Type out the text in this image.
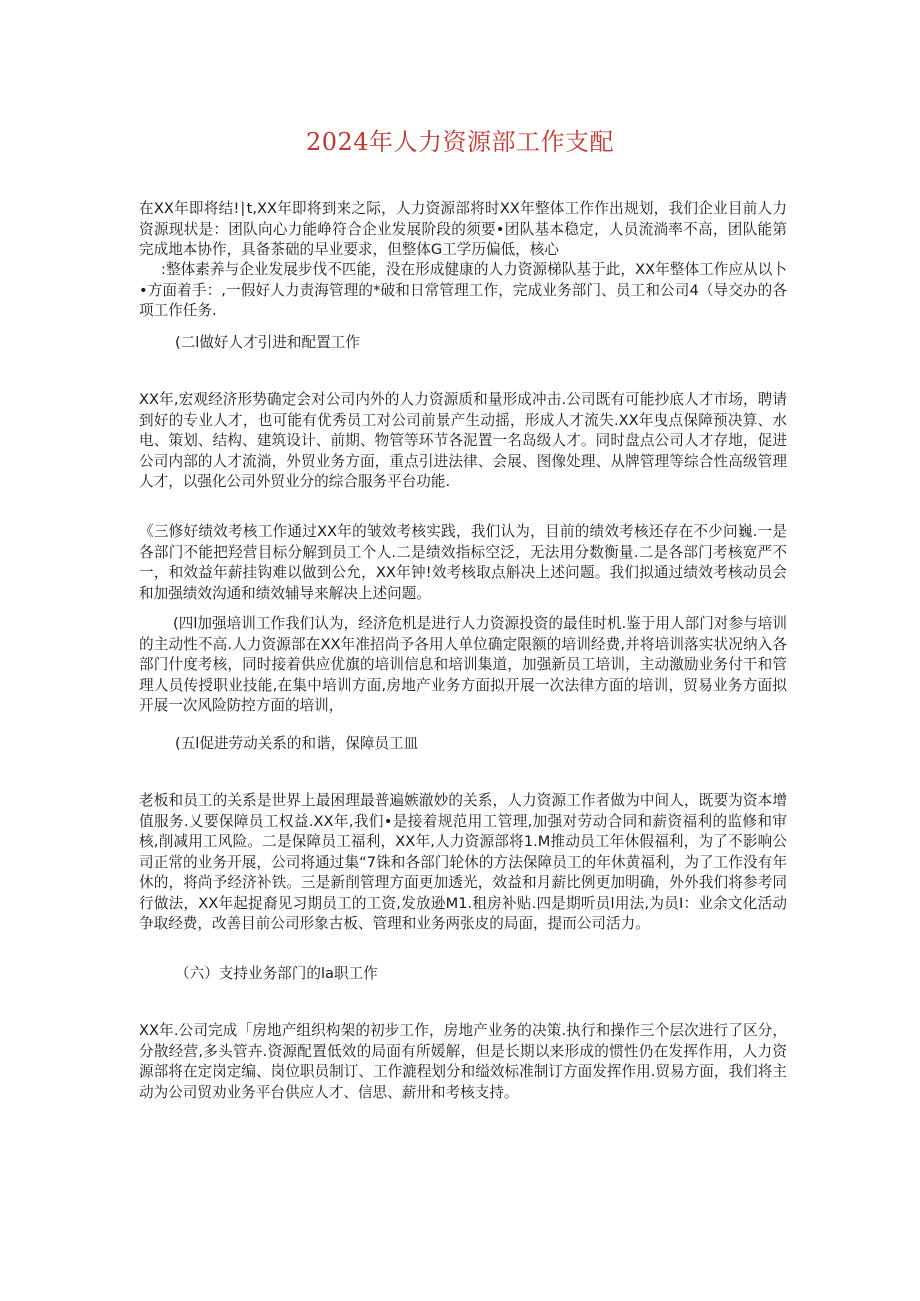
2024年人力资源部工作支配

在XX年即将结!∣t,XX年即将到来之际，人力资源部将时XX年整体工作作出规划，我们企业目前人力资源现状是：团队向心力能峥符合企业发展阶段的须要•团队基本稳定，人员流淌率不高，团队能第完成地本协作，具备茶础的早业要求，但整体G工学历偏低，核心

:整体素养与企业发展步伐不匹能，没在形成健康的人力资源梯队基于此，XX年整体工作应从以卜•方面着手：,一假好人力责海管理的*破和日常管理工作，完成业务部门、员工和公司4（导交办的各项工作任务.

(二l做好人才引进和配置工作

XX年,宏观经济形势确定会对公司内外的人力资源质和量形成冲击.公司既有可能抄底人才市场，聘请到好的专业人才，也可能有优秀员工对公司前景产生动摇，形成人才流失.XX年曳点保障预决算、水电、策划、结构、建筑设计、前期、物管等环节各泥置一名岛级人才。同时盘点公司人才存地，促进公司内部的人才流淌，外贸业务方面，重点引进法律、会展、图像处理、从牌管理等综合性高级管理人才，以强化公司外贸业分的综合服务平台功能.

《三修好绩效考核工作通过XX年的皱效考核实践，我们认为，目前的绩效考核还存在不少问巍.一是各部门不能把羟营目标分解到员工个人.二是绩效指标空泛，无法用分数衡量.二是各部门考核宽严不一，和效益年薪挂钩难以做到公允，XX年钟!效考核取点斛决上述问题。我们拟通过绩效考核动员会和加强绩效沟通和绩效辅导来解决上述问题。

(四l加强培训工作我们认为，经济危机是进行人力资源投资的最佳时机.鉴于用人部门对参与培训的主动性不高.人力资源部在XX年准招尚予各用人单位确定限额的培训经费,并将培训落实状况纳入各部门什度考核，同时接着供应优旗的培训信息和培训集道，加强新员工培训，主动激励业务付干和管理人员传授职业技能,在集中培训方面,房地产业务方面拟开展一次法律方面的培训，贸易业务方面拟开展一次风险防控方面的培训，

(五l促进劳动关系的和谐，保障员工皿

老板和员工的关系是世界上最困理最普遍嫉澈妙的关系，人力资源工作者做为中间人，既要为资本增值服务.乂要保障员工权益.XX年,我们•是接着规范用工管理,加强对劳动合同和薪资福利的监修和审核,削减用工风险。二是保障员工福利，XX年,人力资源部将1.M推动员工年休假福利，为了不影响公司正常的业务开展，公司将通过集“7铢和各部门轮休的方法保障员工的年休黄福利，为了工作没有年休的，将尚予经济补铁。三是新削管理方面更加透光，效益和月薪比例更加明确，外外我们将参考同行做法，XX年起捉裔见习期员工的工资,发放逊M1.租房补贴.四是期听员l用法,为员I：业余文化活动争取经费，改善目前公司形象古板、管理和业务两张皮的局面，提而公司活力。

（六）支持业务部门的la职工作

XX年.公司完成「房地产组织构架的初步工作，房地产业务的决策.执行和操作三个层次进行了区分，分散经营,多头管卉.资源配置低效的局面有所媛解，但是长期以来形成的惯性仍在发挥作用，人力资源部将在定岗定编、岗位职员制订、工作漉程划分和缢效标准制订方面发挥作用.贸易方面，我们将主动为公司贸劝业务平台供应人才、信思、薪卅和考核支持。
